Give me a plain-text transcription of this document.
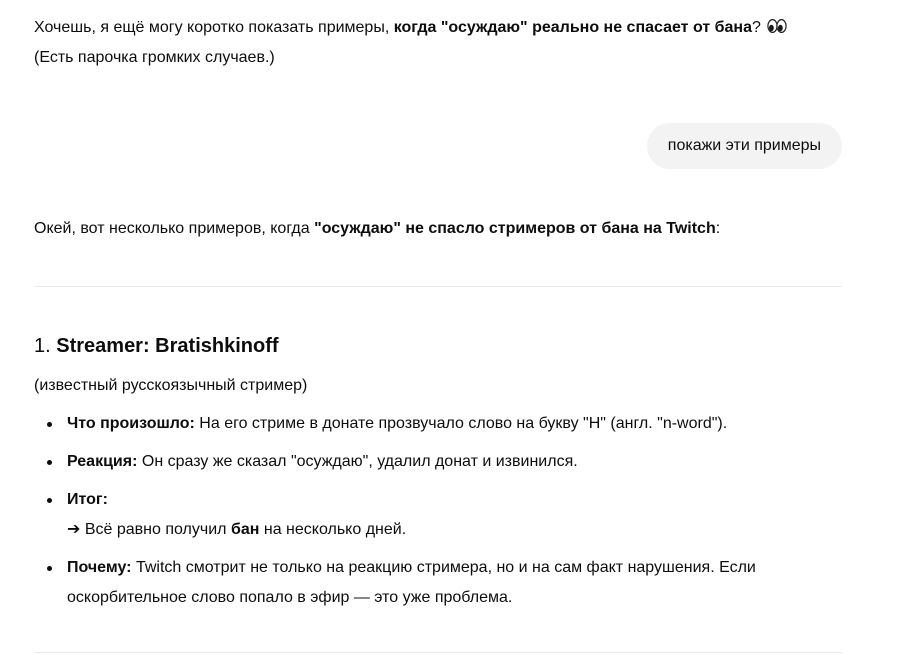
Хочешь, я ещё могу коротко показать примеры, когда "осуждаю" реально не спасает от бана?
(Есть парочка громких случаев.)

покажи эти примеры

Окей, вот несколько примеров, когда "осуждаю" не спасло стримеров от бана на Twitch:

1. Streamer: Bratishkinoff

(известный русскоязычный стример)

Что произошло: На его стриме в донате прозвучало слово на букву "Н" (англ. "n-word").
Реакция: Он сразу же сказал "осуждаю", удалил донат и извинился.
Итог:
➔ Всё равно получил бан на несколько дней.
Почему: Twitch смотрит не только на реакцию стримера, но и на сам факт нарушения. Если оскорбительное слово попало в эфир — это уже проблема.
